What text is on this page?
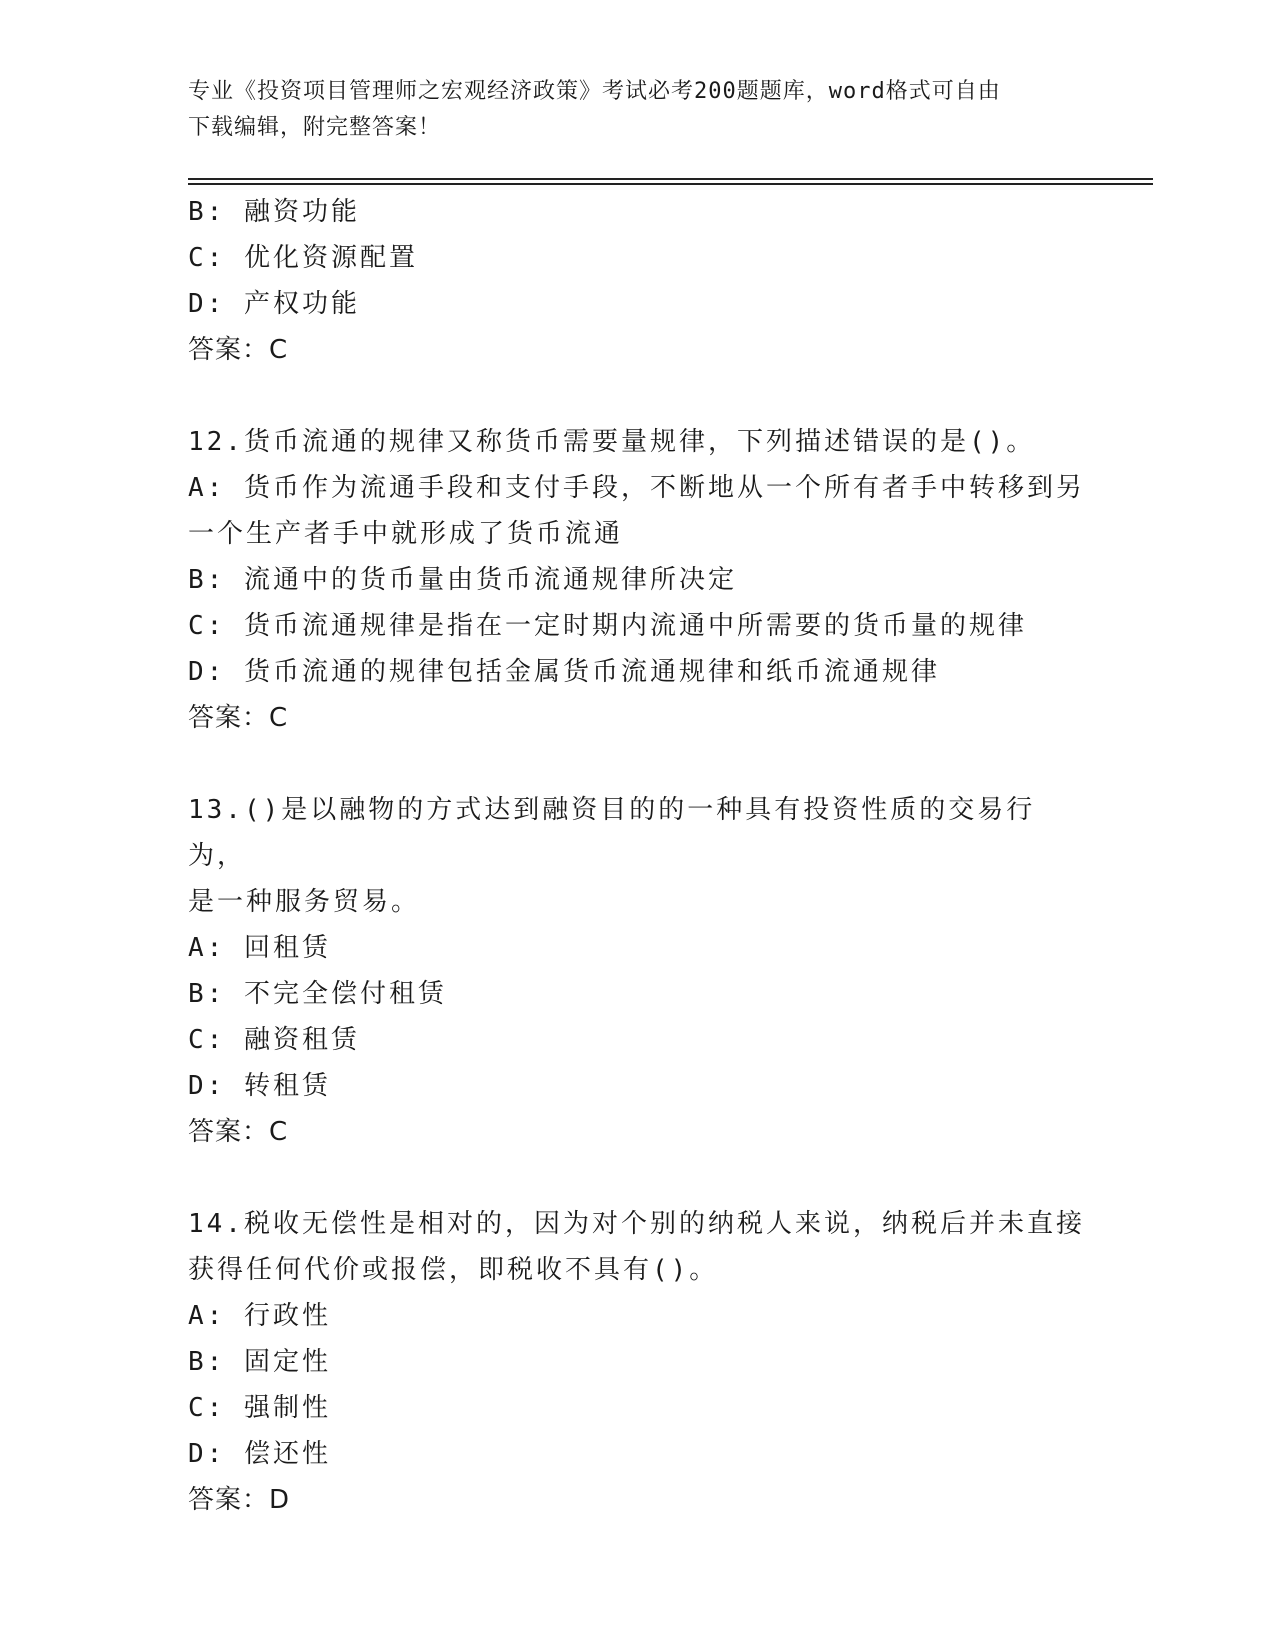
专业《投资项目管理师之宏观经济政策》考试必考200题题库，word格式可自由
下载编辑，附完整答案！
B: 融资功能
C: 优化资源配置
D: 产权功能
答案：C
12.货币流通的规律又称货币需要量规律，下列描述错误的是()。
A: 货币作为流通手段和支付手段，不断地从一个所有者手中转移到另
一个生产者手中就形成了货币流通
B: 流通中的货币量由货币流通规律所决定
C: 货币流通规律是指在一定时期内流通中所需要的货币量的规律
D: 货币流通的规律包括金属货币流通规律和纸币流通规律
答案：C
13.()是以融物的方式达到融资目的的一种具有投资性质的交易行为，
是一种服务贸易。
A: 回租赁
B: 不完全偿付租赁
C: 融资租赁
D: 转租赁
答案：C
14.税收无偿性是相对的，因为对个别的纳税人来说，纳税后并未直接
获得任何代价或报偿，即税收不具有()。
A: 行政性
B: 固定性
C: 强制性
D: 偿还性
答案：D
